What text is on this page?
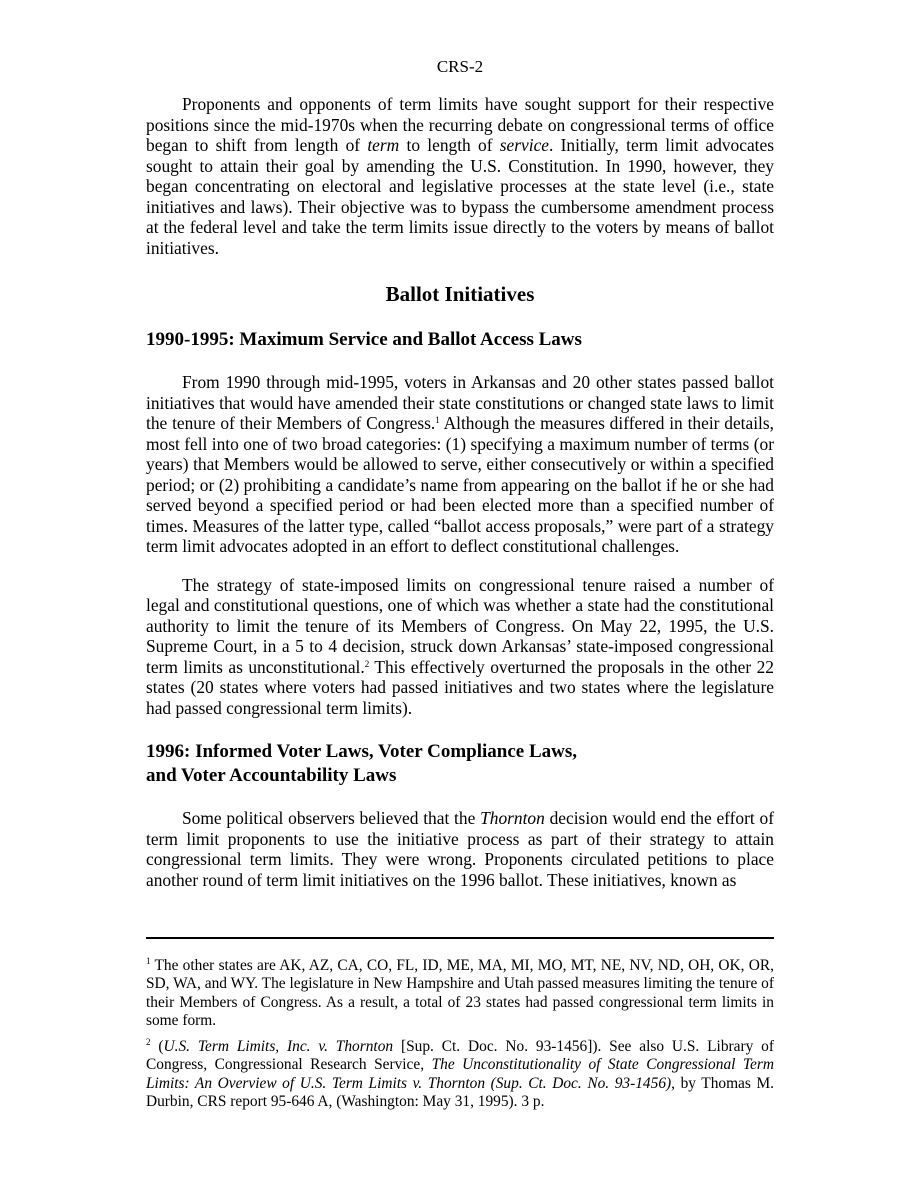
CRS-2

Proponents and opponents of term limits have sought support for their respective positions since the mid-1970s when the recurring debate on congressional terms of office began to shift from length of term to length of service. Initially, term limit advocates sought to attain their goal by amending the U.S. Constitution. In 1990, however, they began concentrating on electoral and legislative processes at the state level (i.e., state initiatives and laws). Their objective was to bypass the cumbersome amendment process at the federal level and take the term limits issue directly to the voters by means of ballot initiatives.

Ballot Initiatives
1990-1995: Maximum Service and Ballot Access Laws

From 1990 through mid-1995, voters in Arkansas and 20 other states passed ballot initiatives that would have amended their state constitutions or changed state laws to limit the tenure of their Members of Congress.$^1$ Although the measures differed in their details, most fell into one of two broad categories: (1) specifying a maximum number of terms (or years) that Members would be allowed to serve, either consecutively or within a specified period; or (2) prohibiting a candidate’s name from appearing on the ballot if he or she had served beyond a specified period or had been elected more than a specified number of times. Measures of the latter type, called “ballot access proposals,” were part of a strategy term limit advocates adopted in an effort to deflect constitutional challenges.

The strategy of state-imposed limits on congressional tenure raised a number of legal and constitutional questions, one of which was whether a state had the constitutional authority to limit the tenure of its Members of Congress. On May 22, 1995, the U.S. Supreme Court, in a 5 to 4 decision, struck down Arkansas’ state-imposed congressional term limits as unconstitutional.$^2$ This effectively overturned the proposals in the other 22 states (20 states where voters had passed initiatives and two states where the legislature had passed congressional term limits).

1996: Informed Voter Laws, Voter Compliance Laws,
and Voter Accountability Laws

Some political observers believed that the Thornton decision would end the effort of term limit proponents to use the initiative process as part of their strategy to attain congressional term limits. They were wrong. Proponents circulated petitions to place another round of term limit initiatives on the 1996 ballot. These initiatives, known as

$^1$ The other states are AK, AZ, CA, CO, FL, ID, ME, MA, MI, MO, MT, NE, NV, ND, OH, OK, OR, SD, WA, and WY. The legislature in New Hampshire and Utah passed measures limiting the tenure of their Members of Congress. As a result, a total of 23 states had passed congressional term limits in some form.

$^2$ (U.S. Term Limits, Inc. v. Thornton [Sup. Ct. Doc. No. 93-1456]). See also U.S. Library of Congress, Congressional Research Service, The Unconstitutionality of State Congressional Term Limits: An Overview of U.S. Term Limits v. Thornton (Sup. Ct. Doc. No. 93-1456), by Thomas M. Durbin, CRS report 95-646 A, (Washington: May 31, 1995). 3 p.
